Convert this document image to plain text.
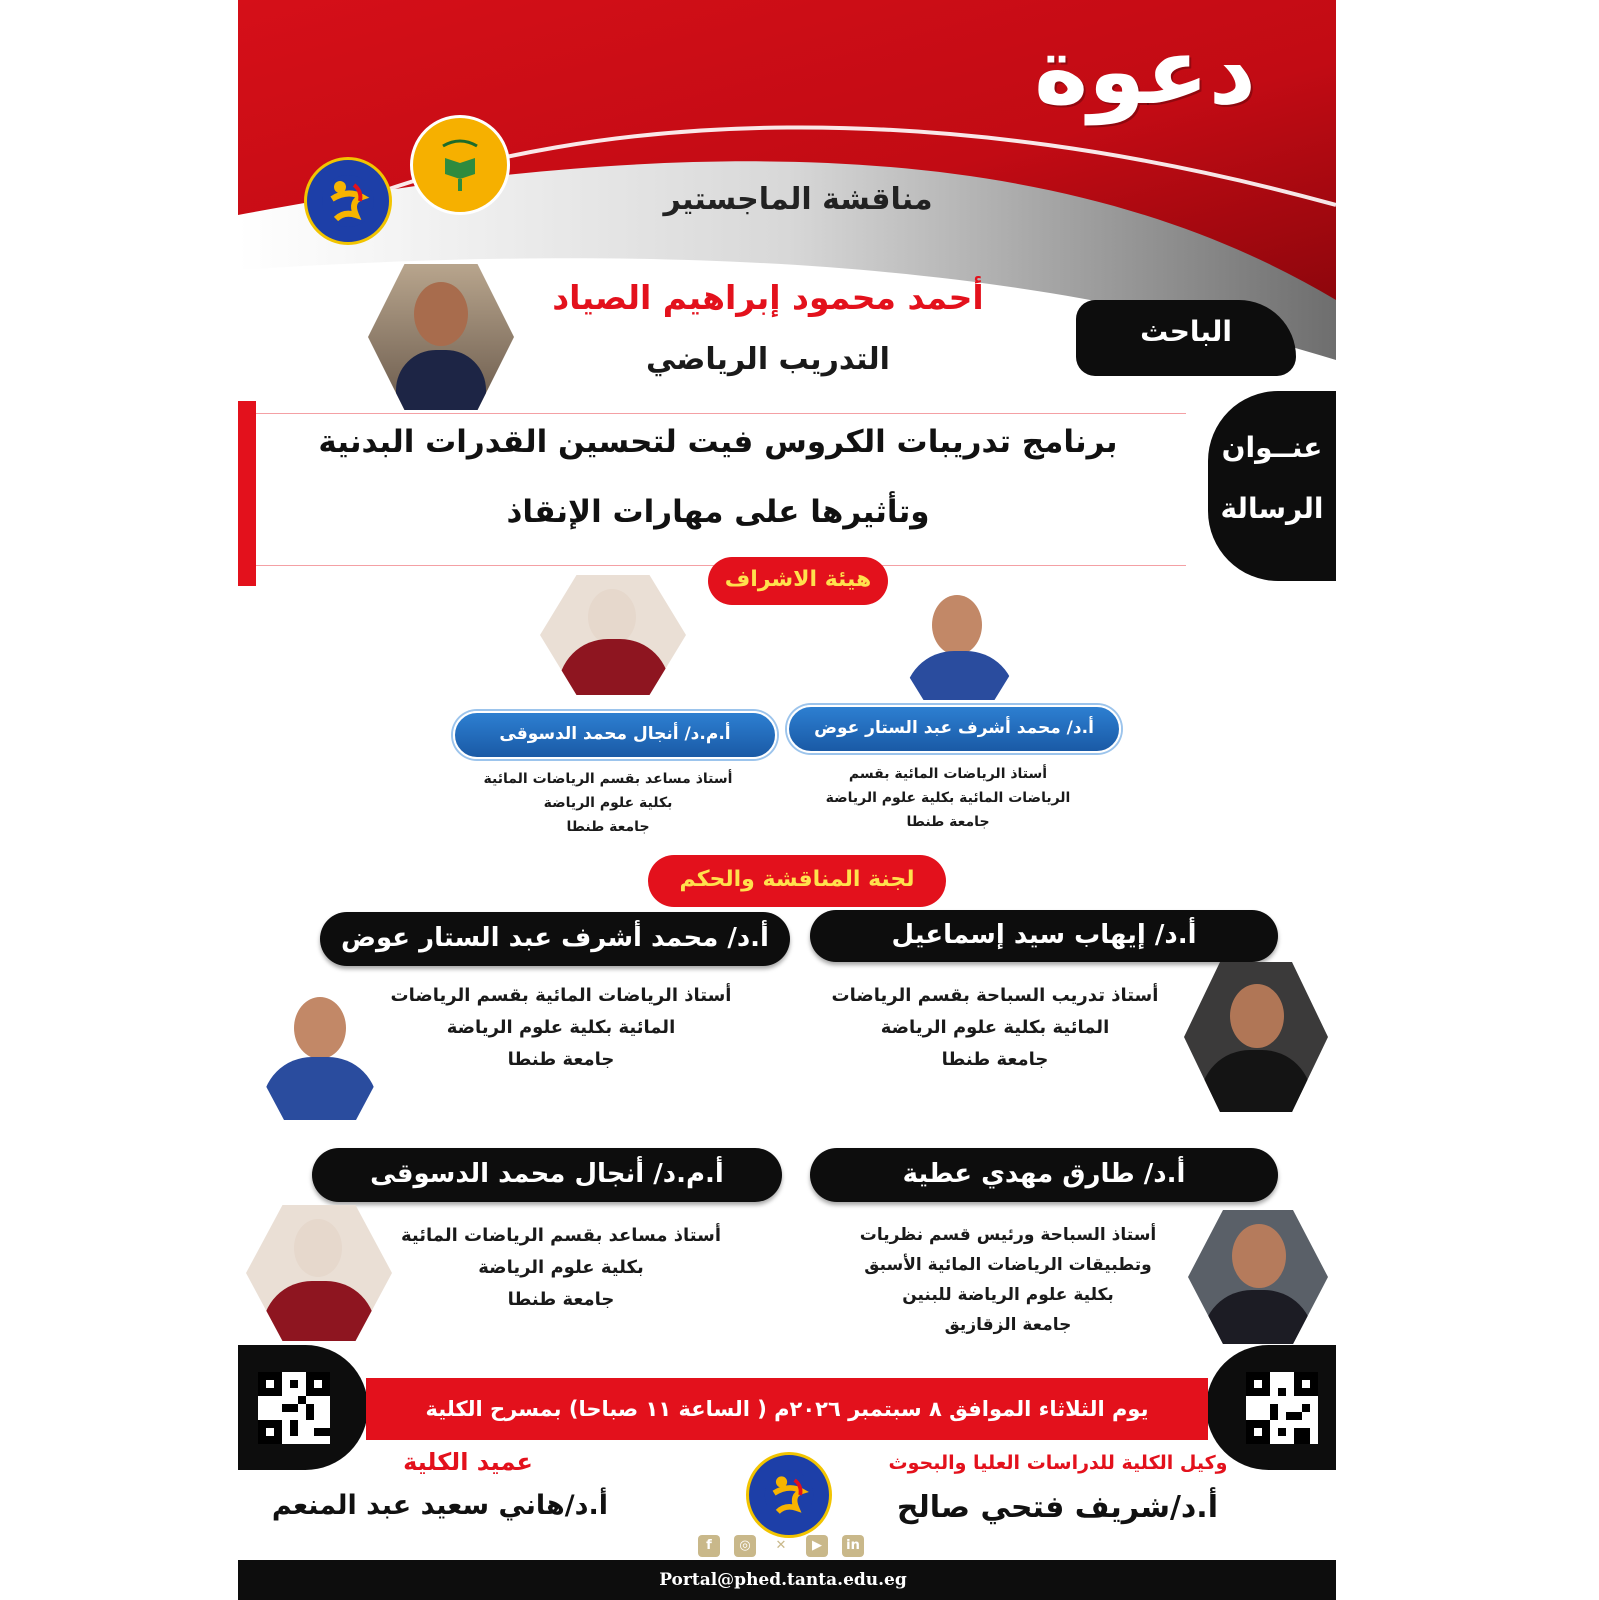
دعوة
مناقشة الماجستير
أحمد محمود إبراهيم الصياد
التدريب الرياضي
الباحث
برنامج تدريبات الكروس فيت لتحسين القدرات البدنية
وتأثيرها على مهارات الإنقاذ
عنــوان
الرسالة
هيئة الاشراف
أ.د/ محمد أشرف عبد الستار عوض
أ.م.د/ أنجال محمد الدسوقى
أستاذ الرياضات المائية بقسم
الرياضات المائية بكلية علوم الرياضة
جامعة طنطا
أستاذ مساعد بقسم الرياضات المائية
بكلية علوم الرياضة
جامعة طنطا
لجنة المناقشة والحكم
أ.د/ إيهاب سيد إسماعيل
أ.د/ محمد أشرف عبد الستار عوض
أستاذ تدريب السباحة بقسم الرياضات
المائية بكلية علوم الرياضة
جامعة طنطا
أستاذ الرياضات المائية بقسم الرياضات
المائية بكلية علوم الرياضة
جامعة طنطا
أ.د/ طارق مهدي عطية
أ.م.د/ أنجال محمد الدسوقى
أستاذ السباحة ورئيس قسم نظريات
وتطبيقات الرياضات المائية الأسبق
بكلية علوم الرياضة للبنين
جامعة الزقازيق
أستاذ مساعد بقسم الرياضات المائية
بكلية علوم الرياضة
جامعة طنطا
يوم الثلاثاء الموافق ٨ سبتمبر ٢٠٢٦م ( الساعة ١١ صباحا) بمسرح الكلية
وكيل الكلية للدراسات العليا والبحوث
أ.د/شريف فتحي صالح
عميد الكلية
أ.د/هاني سعيد عبد المنعم
f	◎	✕	▶	in
Portal@phed.tanta.edu.eg
